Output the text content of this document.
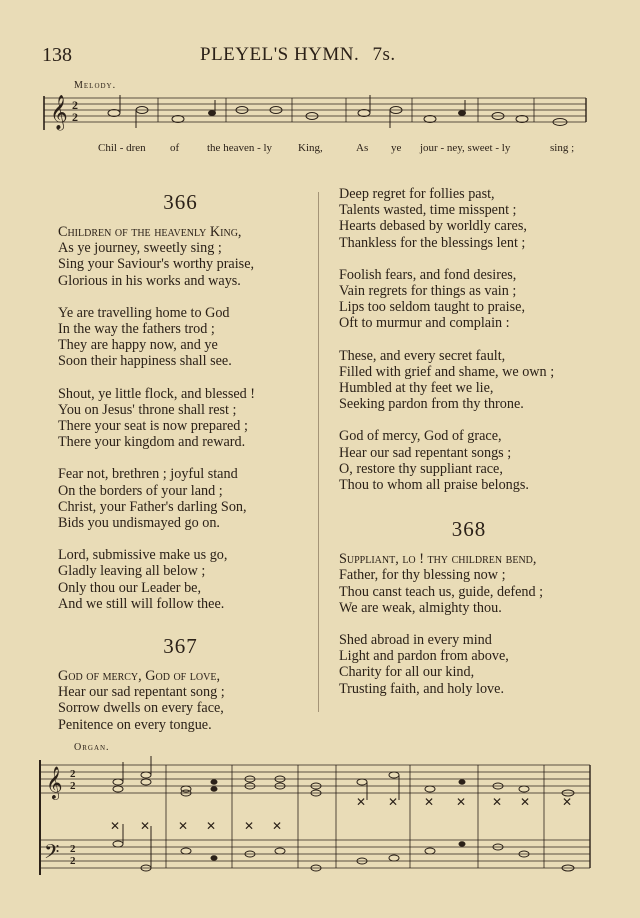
138	PLEYEL'S HYMN. 7s.
Melody.
𝄞 2
2
Chil - dren of	the heaven - ly King,	As ye jour - ney, sweet - ly	sing ;
366
Children of the heavenly King,
As ye journey, sweetly sing ;
Sing your Saviour's worthy praise,
Glorious in his works and ways.
Ye are travelling home to God
In the way the fathers trod ;
They are happy now, and ye
Soon their happiness shall see.
Shout, ye little flock, and blessed !
You on Jesus' throne shall rest ;
There your seat is now prepared ;
There your kingdom and reward.
Fear not, brethren ; joyful stand
On the borders of your land ;
Christ, your Father's darling Son,
Bids you undismayed go on.
Lord, submissive make us go,
Gladly leaving all below ;
Only thou our Leader be,
And we still will follow thee.
367
God of mercy, God of love,
Hear our sad repentant song ;
Sorrow dwells on every face,
Penitence on every tongue.
Deep regret for follies past,
Talents wasted, time misspent ;
Hearts debased by worldly cares,
Thankless for the blessings lent ;
Foolish fears, and fond desires,
Vain regrets for things as vain ;
Lips too seldom taught to praise,
Oft to murmur and complain :
These, and every secret fault,
Filled with grief and shame, we own ;
Humbled at thy feet we lie,
Seeking pardon from thy throne.
God of mercy, God of grace,
Hear our sad repentant songs ;
O, restore thy suppliant race,
Thou to whom all praise belongs.
368
Suppliant, lo ! thy children bend,
Father, for thy blessing now ;
Thou canst teach us, guide, defend ;
We are weak, almighty thou.
Shed abroad in every mind
Light and pardon from above,
Charity for all our kind,
Trusting faith, and holy love.
Organ.
𝄞
𝄢
2
2
2
2
✕ ✕ ✕ ✕ ✕ ✕
✕ ✕ ✕ ✕ ✕ ✕	✕
